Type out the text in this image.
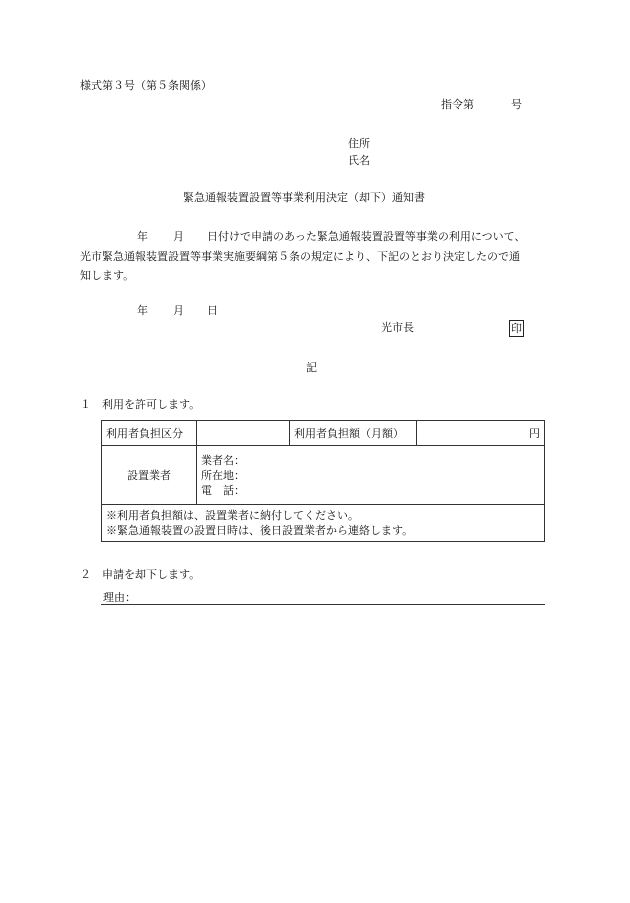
様式第３号（第５条関係）
指令第	号
住所
氏名
緊急通報装置設置等事業利用決定（却下）通知書
年 月 日付けで申請のあった緊急通報装置設置等事業の利用について、
光市緊急通報装置設置等事業実施要綱第５条の規定により、下記のとおり決定したので通
知します。
年 月 日
光市長	印
記
１ 利用を許可します。
利用者負担区分		利用者負担額（月額）	円
設置業者	業者名：
所在地：
電　話：		

※利用者負担額は、設置業者に納付してください。
※緊急通報装置の設置日時は、後日設置業者から連絡します。			
２ 申請を却下します。
理由：
